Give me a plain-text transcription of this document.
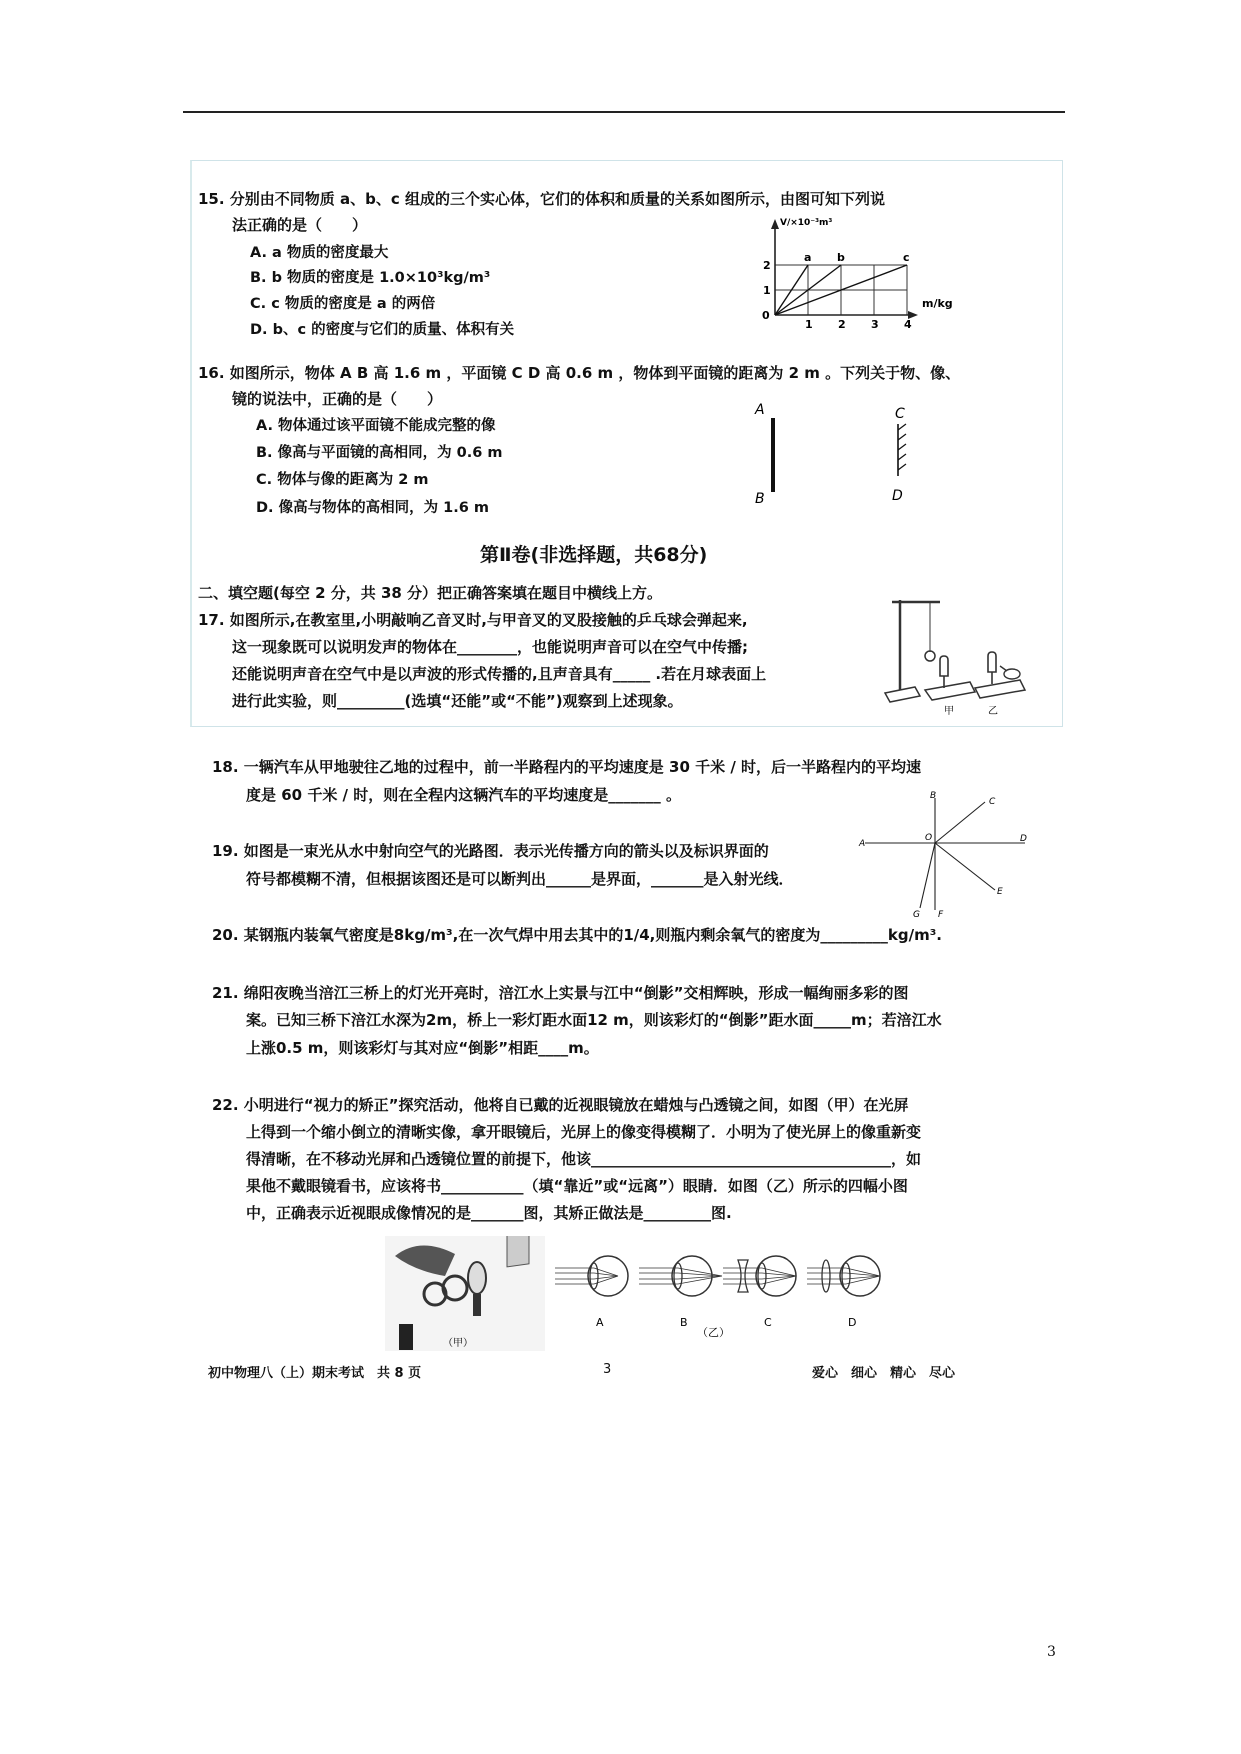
15. 分别由不同物质 a、b、c 组成的三个实心体，它们的体积和质量的关系如图所示，由图可知下列说
法正确的是（　　）
A. a 物质的密度最大
B. b 物质的密度是 1.0×10³kg/m³
C. c 物质的密度是 a 的两倍
D. b、c 的密度与它们的质量、体积有关
V/×10⁻³m³
m/kg
0
1 2 3 4
1
2
a b	c
16. 如图所示，物体 A B 高 1.6 m ，平面镜 C D 高 0.6 m ，物体到平面镜的距离为 2 m 。下列关于物、像、
镜的说法中，正确的是（　　）
A. 物体通过该平面镜不能成完整的像
B. 像高与平面镜的高相同，为 0.6 m
C. 物体与像的距离为 2 m
D. 像高与物体的高相同，为 1.6 m
A
B
C
D
第Ⅱ卷(非选择题，共68分)
二、填空题(每空 2 分，共 38 分）把正确答案填在题目中横线上方。
17. 如图所示,在教室里,小明敲响乙音叉时,与甲音叉的叉股接触的乒乓球会弹起来,
这一现象既可以说明发声的物体在________，也能说明声音可以在空气中传播;
还能说明声音在空气中是以声波的形式传播的,且声音具有_____ .若在月球表面上
进行此实验，则_________(选填“还能”或“不能”)观察到上述现象。
甲	乙
18. 一辆汽车从甲地驶往乙地的过程中，前一半路程内的平均速度是 30 千米 / 时，后一半路程内的平均速
度是 60 千米 / 时，则在全程内这辆汽车的平均速度是_______ 。
19. 如图是一束光从水中射向空气的光路图．表示光传播方向的箭头以及标识界面的
符号都模糊不清，但根据该图还是可以断判出______是界面，_______是入射光线．
B
C
A	D
O
E
G F
20. 某钢瓶内装氧气密度是8kg/m³,在一次气焊中用去其中的1/4,则瓶内剩余氧气的密度为_________kg/m³.
21. 绵阳夜晚当涪江三桥上的灯光开亮时，涪江水上实景与江中“倒影”交相辉映，形成一幅绚丽多彩的图
案。已知三桥下涪江水深为2m，桥上一彩灯距水面12 m，则该彩灯的“倒影”距水面_____m；若涪江水
上涨0.5 m，则该彩灯与其对应“倒影”相距____m。
22. 小明进行“视力的矫正”探究活动，他将自已戴的近视眼镜放在蜡烛与凸透镜之间，如图（甲）在光屏
上得到一个缩小倒立的清晰实像，拿开眼镜后，光屏上的像变得模糊了．小明为了使光屏上的像重新变
得清晰，在不移动光屏和凸透镜位置的前提下，他该________________________________________，如
果他不戴眼镜看书，应该将书___________（填“靠近”或“远离”）眼睛．如图（乙）所示的四幅小图
中，正确表示近视眼成像情况的是_______图，其矫正做法是_________图.
（甲）
A	B	C	D
（乙）
初中物理八（上）期末考试　共 8 页	3	爱心　细心　精心　尽心
3
